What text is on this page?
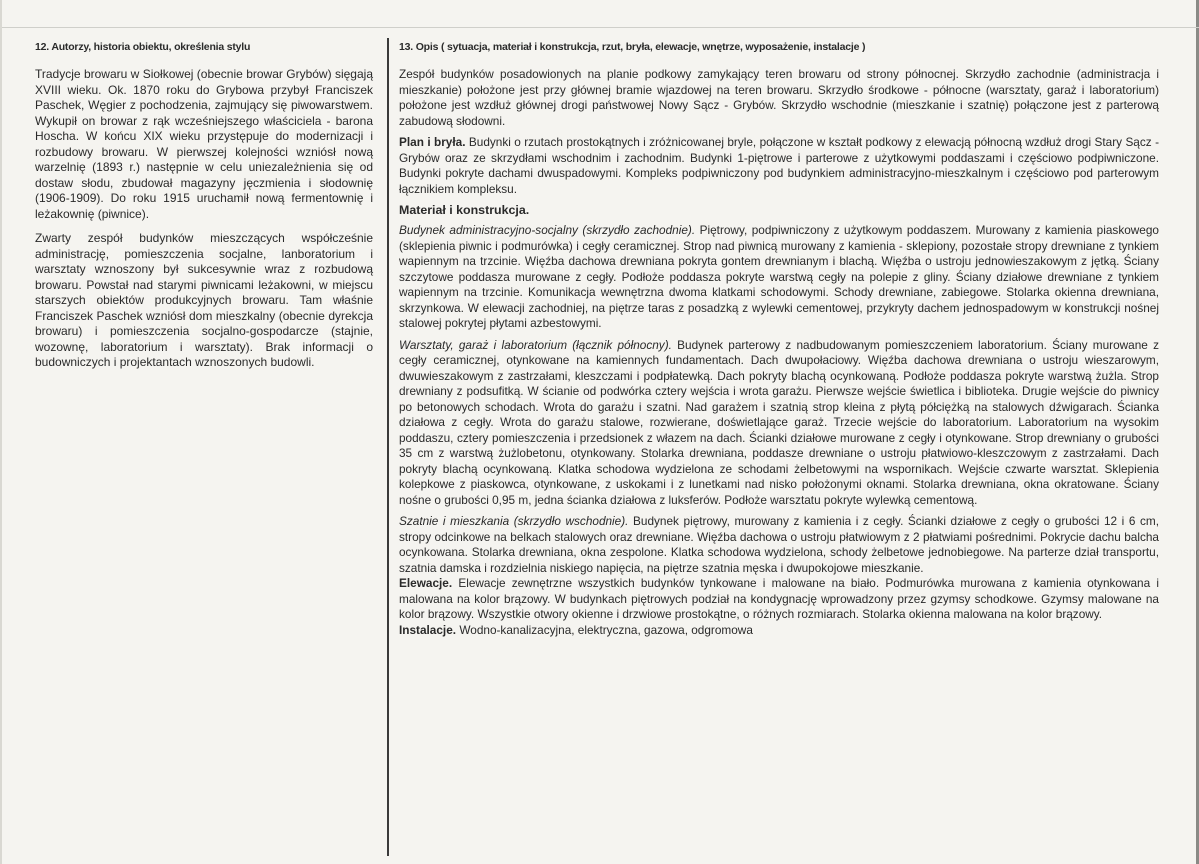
12. Autorzy, historia obiektu, określenia stylu

Tradycje browaru w Siołkowej (obecnie browar Grybów) sięgają XVIII wieku. Ok. 1870 roku do Grybowa przybył Franciszek Paschek, Węgier z pochodzenia, zajmujący się piwowarstwem. Wykupił on browar z rąk wcześniejszego właściciela - barona Hoscha. W końcu XIX wieku przystępuje do modernizacji i rozbudowy browaru. W pierwszej kolejności wzniósł nową warzelnię (1893 r.) następnie w celu uniezależnienia się od dostaw słodu, zbudował magazyny jęczmienia i słodownię (1906-1909). Do roku 1915 uruchamił nową fermentownię i leżakownię (piwnice).

Zwarty zespół budynków mieszczących współcześnie administrację, pomieszczenia socjalne, lanboratorium i warsztaty wznoszony był sukcesywnie wraz z rozbudową browaru. Powstał nad starymi piwnicami leżakowni, w miejscu starszych obiektów produkcyjnych browaru. Tam właśnie Franciszek Paschek wzniósł dom mieszkalny (obecnie dyrekcja browaru) i pomieszczenia socjalno-gospodarcze (stajnie, wozownę, laboratorium i warsztaty). Brak informacji o budowniczych i projektantach wznoszonych budowli.

13. Opis ( sytuacja, materiał i konstrukcja, rzut, bryła, elewacje, wnętrze, wyposażenie, instalacje )

Zespół budynków posadowionych na planie podkowy zamykający teren browaru od strony północnej. Skrzydło zachodnie (administracja i mieszkanie) położone jest przy głównej bramie wjazdowej na teren browaru. Skrzydło środkowe - północne (warsztaty, garaż i laboratorium) położone jest wzdłuż głównej drogi państwowej Nowy Sącz - Grybów. Skrzydło wschodnie (mieszkanie i szatnię) połączone jest z parterową zabudową słodowni.

Plan i bryła. Budynki o rzutach prostokątnych i zróżnicowanej bryle, połączone w kształt podkowy z elewacją północną wzdłuż drogi Stary Sącz - Grybów oraz ze skrzydłami wschodnim i zachodnim. Budynki 1-piętrowe i parterowe z użytkowymi poddaszami i częściowo podpiwniczone. Budynki pokryte dachami dwuspadowymi. Kompleks podpiwniczony pod budynkiem administracyjno-mieszkalnym i częściowo pod parterowym łącznikiem kompleksu.

Materiał i konstrukcja.

Budynek administracyjno-socjalny (skrzydło zachodnie). Piętrowy, podpiwniczony z użytkowym poddaszem. Murowany z kamienia piaskowego (sklepienia piwnic i podmurówka) i cegły ceramicznej. Strop nad piwnicą murowany z kamienia - sklepiony, pozostałe stropy drewniane z tynkiem wapiennym na trzcinie. Więźba dachowa drewniana pokryta gontem drewnianym i blachą. Więźba o ustroju jednowieszakowym z jętką. Ściany szczytowe poddasza murowane z cegły. Podłoże poddasza pokryte warstwą cegły na polepie z gliny. Ściany działowe drewniane z tynkiem wapiennym na trzcinie. Komunikacja wewnętrzna dwoma klatkami schodowymi. Schody drewniane, zabiegowe. Stolarka okienna drewniana, skrzynkowa. W elewacji zachodniej, na piętrze taras z posadzką z wylewki cementowej, przykryty dachem jednospadowym w konstrukcji nośnej stalowej pokrytej płytami azbestowymi.

Warsztaty, garaż i laboratorium (łącznik północny). Budynek parterowy z nadbudowanym pomieszczeniem laboratorium. Ściany murowane z cegły ceramicznej, otynkowane na kamiennych fundamentach. Dach dwupołaciowy. Więźba dachowa drewniana o ustroju wieszarowym, dwuwieszakowym z zastrzałami, kleszczami i podpłatewką. Dach pokryty blachą ocynkowaną. Podłoże poddasza pokryte warstwą żużla. Strop drewniany z podsufitką. W ścianie od podwórka cztery wejścia i wrota garażu. Pierwsze wejście świetlica i biblioteka. Drugie wejście do piwnicy po betonowych schodach. Wrota do garażu i szatni. Nad garażem i szatnią strop kleina z płytą półciężką na stalowych dźwigarach. Ścianka działowa z cegły. Wrota do garażu stalowe, rozwierane, doświetlające garaż. Trzecie wejście do laboratorium. Laboratorium na wysokim poddaszu, cztery pomieszczenia i przedsionek z włazem na dach. Ścianki działowe murowane z cegły i otynkowane. Strop drewniany o grubości 35 cm z warstwą żużlobetonu, otynkowany. Stolarka drewniana, poddasze drewniane o ustroju płatwiowo-kleszczowym z zastrzałami. Dach pokryty blachą ocynkowaną. Klatka schodowa wydzielona ze schodami żelbetowymi na wspornikach. Wejście czwarte warsztat. Sklepienia kolepkowe z piaskowca, otynkowane, z uskokami i z lunetkami nad nisko położonymi oknami. Stolarka drewniana, okna okratowane. Ściany nośne o grubości 0,95 m, jedna ścianka działowa z luksferów. Podłoże warsztatu pokryte wylewką cementową.

Szatnie i mieszkania (skrzydło wschodnie). Budynek piętrowy, murowany z kamienia i z cegły. Ścianki działowe z cegły o grubości 12 i 6 cm, stropy odcinkowe na belkach stalowych oraz drewniane. Więźba dachowa o ustroju płatwiowym z 2 płatwiami pośrednimi. Pokrycie dachu balcha ocynkowana. Stolarka drewniana, okna zespolone. Klatka schodowa wydzielona, schody żelbetowe jednobiegowe. Na parterze dział transportu, szatnia damska i rozdzielnia niskiego napięcia, na piętrze szatnia męska i dwupokojowe mieszkanie.

Elewacje. Elewacje zewnętrzne wszystkich budynków tynkowane i malowane na biało. Podmurówka murowana z kamienia otynkowana i malowana na kolor brązowy. W budynkach piętrowych podział na kondygnację wprowadzony przez gzymsy schodkowe. Gzymsy malowane na kolor brązowy. Wszystkie otwory okienne i drzwiowe prostokątne, o różnych rozmiarach. Stolarka okienna malowana na kolor brązowy.

Instalacje. Wodno-kanalizacyjna, elektryczna, gazowa, odgromowa
